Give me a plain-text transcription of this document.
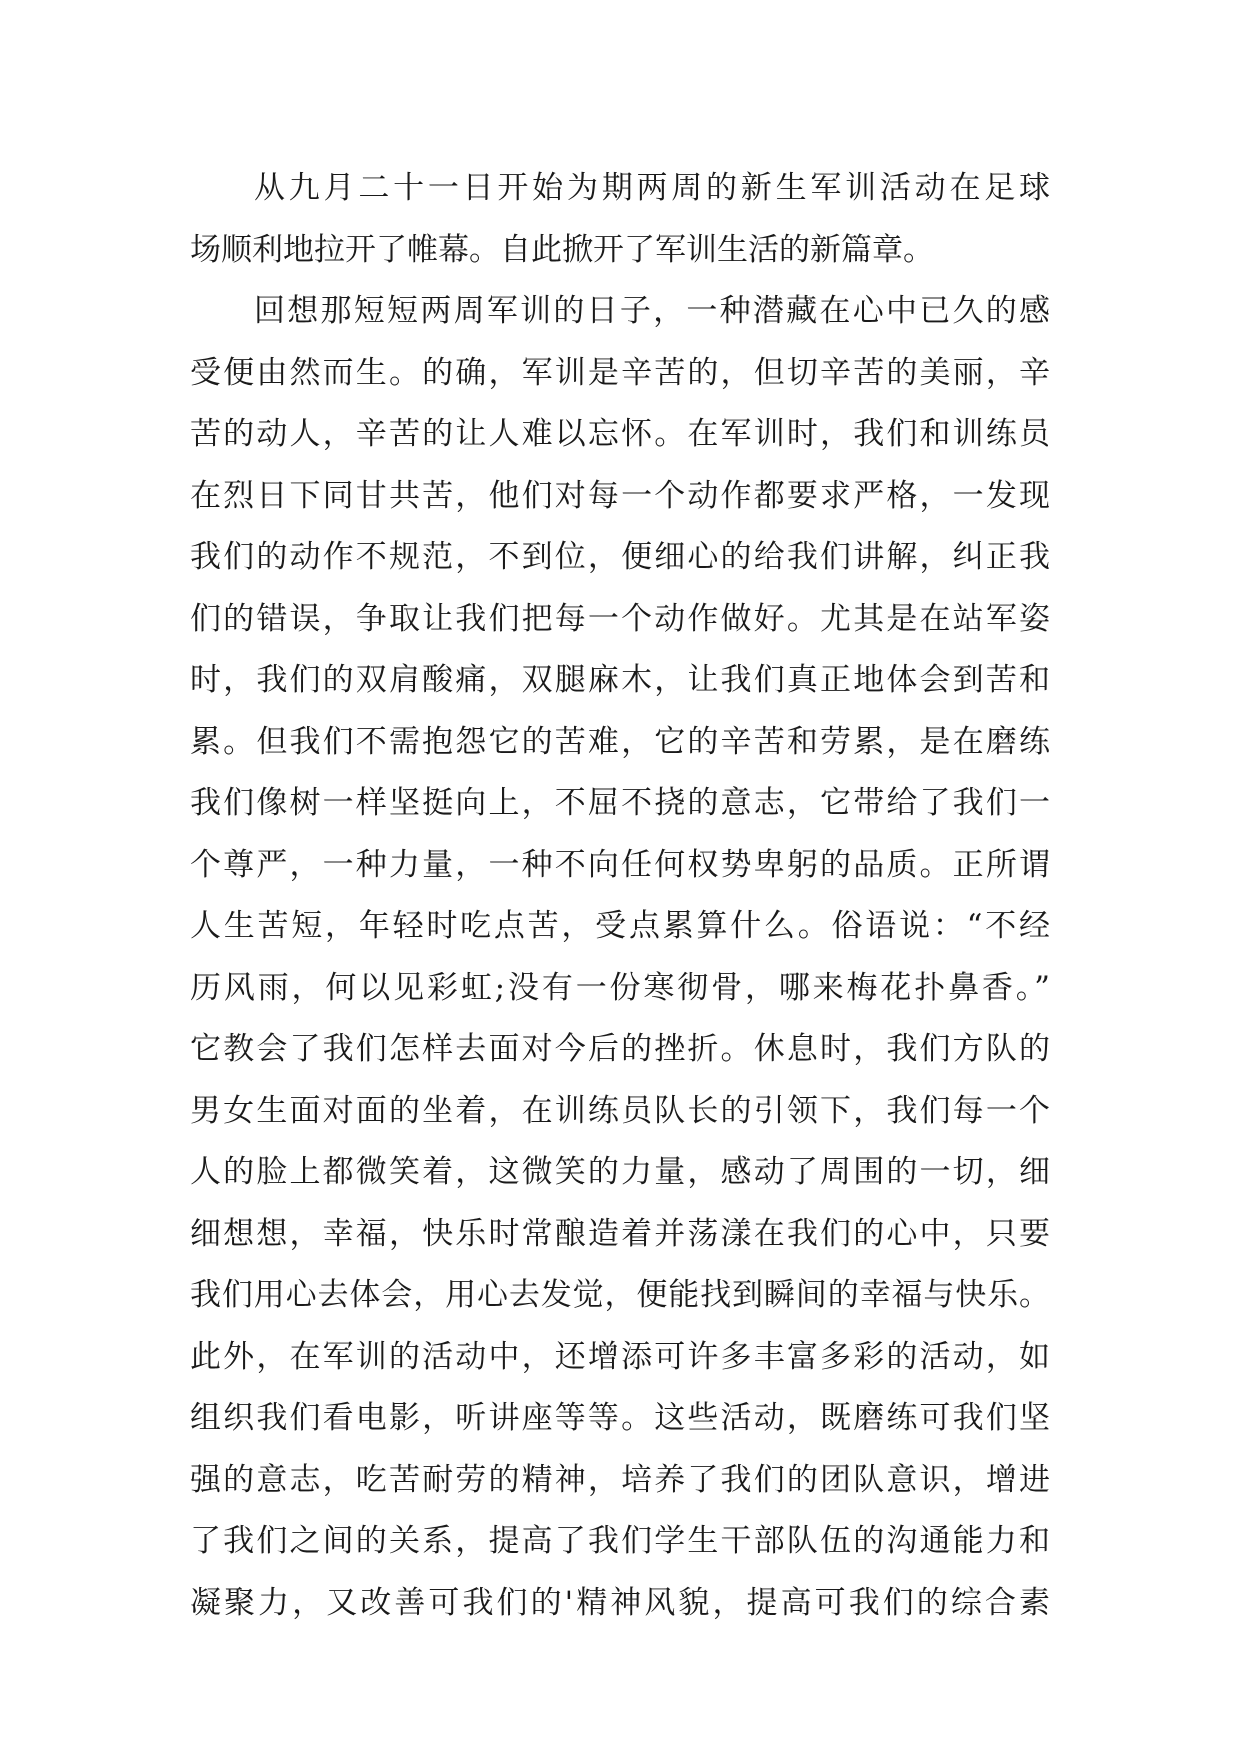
从九月二十一日开始为期两周的新生军训活动在足球
场顺利地拉开了帷幕。自此掀开了军训生活的新篇章。
回想那短短两周军训的日子，一种潜藏在心中已久的感
受便由然而生。的确，军训是辛苦的，但切辛苦的美丽，辛
苦的动人，辛苦的让人难以忘怀。在军训时，我们和训练员
在烈日下同甘共苦，他们对每一个动作都要求严格，一发现
我们的动作不规范，不到位，便细心的给我们讲解，纠正我
们的错误，争取让我们把每一个动作做好。尤其是在站军姿
时，我们的双肩酸痛，双腿麻木，让我们真正地体会到苦和
累。但我们不需抱怨它的苦难，它的辛苦和劳累，是在磨练
我们像树一样坚挺向上，不屈不挠的意志，它带给了我们一
个尊严，一种力量，一种不向任何权势卑躬的品质。正所谓
人生苦短，年轻时吃点苦，受点累算什么。俗语说：“不经
历风雨，何以见彩虹;没有一份寒彻骨，哪来梅花扑鼻香。”
它教会了我们怎样去面对今后的挫折。休息时，我们方队的
男女生面对面的坐着，在训练员队长的引领下，我们每一个
人的脸上都微笑着，这微笑的力量，感动了周围的一切，细
细想想，幸福，快乐时常酿造着并荡漾在我们的心中，只要
我们用心去体会，用心去发觉，便能找到瞬间的幸福与快乐。
此外，在军训的活动中，还增添可许多丰富多彩的活动，如
组织我们看电影，听讲座等等。这些活动，既磨练可我们坚
强的意志，吃苦耐劳的精神，培养了我们的团队意识，增进
了我们之间的关系，提高了我们学生干部队伍的沟通能力和
凝聚力，又改善可我们的'精神风貌，提高可我们的综合素
